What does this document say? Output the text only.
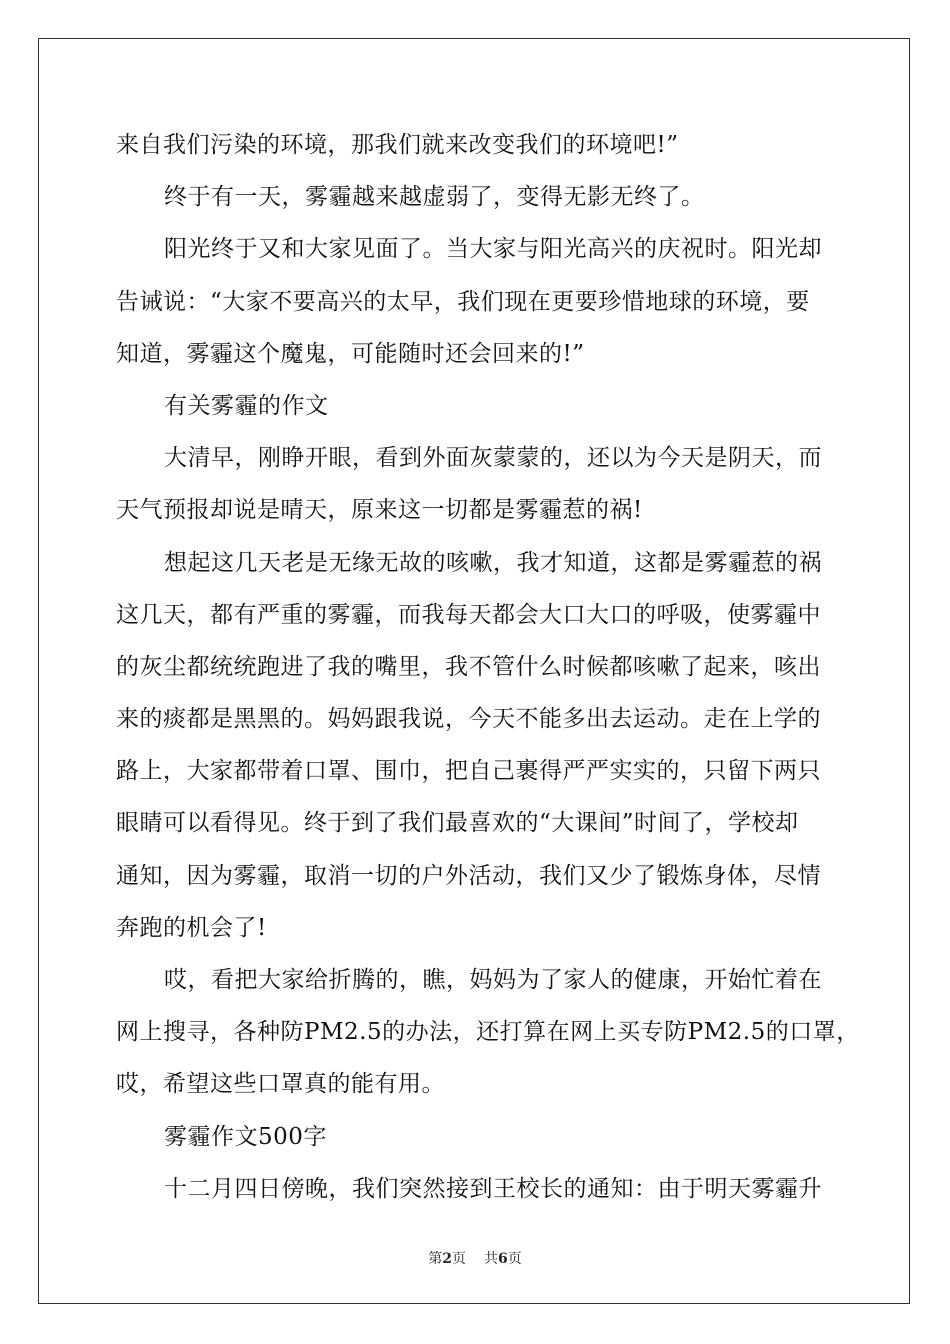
来自我们污染的环境，那我们就来改变我们的环境吧!”
终于有一天，雾霾越来越虚弱了，变得无影无终了。
阳光终于又和大家见面了。当大家与阳光高兴的庆祝时。阳光却
告诫说：“大家不要高兴的太早，我们现在更要珍惜地球的环境，要
知道，雾霾这个魔鬼，可能随时还会回来的!”
有关雾霾的作文
大清早，刚睁开眼，看到外面灰蒙蒙的，还以为今天是阴天，而
天气预报却说是晴天，原来这一切都是雾霾惹的祸!
想起这几天老是无缘无故的咳嗽，我才知道，这都是雾霾惹的祸
这几天，都有严重的雾霾，而我每天都会大口大口的呼吸，使雾霾中
的灰尘都统统跑进了我的嘴里，我不管什么时候都咳嗽了起来，咳出
来的痰都是黑黑的。妈妈跟我说，今天不能多出去运动。走在上学的
路上，大家都带着口罩、围巾，把自己裹得严严实实的，只留下两只
眼睛可以看得见。终于到了我们最喜欢的“大课间”时间了，学校却
通知，因为雾霾，取消一切的户外活动，我们又少了锻炼身体，尽情
奔跑的机会了!
哎，看把大家给折腾的，瞧，妈妈为了家人的健康，开始忙着在
网上搜寻，各种防PM2.5的办法，还打算在网上买专防PM2.5的口罩，
哎，希望这些口罩真的能有用。
雾霾作文500字
十二月四日傍晚，我们突然接到王校长的通知：由于明天雾霾升
第2页 共6页
